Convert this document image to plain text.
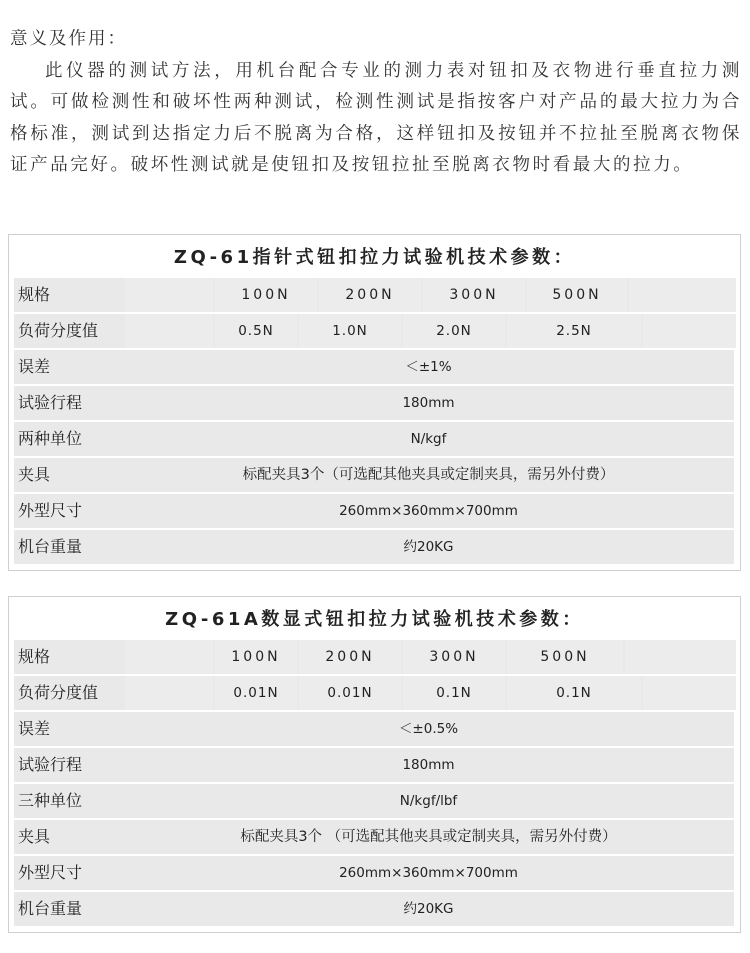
意义及作用：

此仪器的测试方法，用机台配合专业的测力表对钮扣及衣物进行垂直拉力测试。可做检测性和破坏性两种测试，检测性测试是指按客户对产品的最大拉力为合格标准，测试到达指定力后不脱离为合格，这样钮扣及按钮并不拉扯至脱离衣物保证产品完好。破坏性测试就是使钮扣及按钮拉扯至脱离衣物时看最大的拉力。

ZQ-61指针式钮扣拉力试验机技术参数：
规格	100N	200N	300N	500N
负荷分度值	0.5N	1.0N	2.0N	2.5N
误差	＜±1%
试验行程	180mm
两种单位	N/kgf
夹具	标配夹具3个（可选配其他夹具或定制夹具，需另外付费）
外型尺寸	260mm×360mm×700mm
机台重量	约20KG
ZQ-61A数显式钮扣拉力试验机技术参数：
规格	100N	200N	300N	500N
负荷分度值	0.01N	0.01N	0.1N	0.1N
误差	＜±0.5%
试验行程	180mm
三种单位	N/kgf/lbf
夹具	标配夹具3个 （可选配其他夹具或定制夹具，需另外付费）
外型尺寸	260mm×360mm×700mm
机台重量	约20KG
